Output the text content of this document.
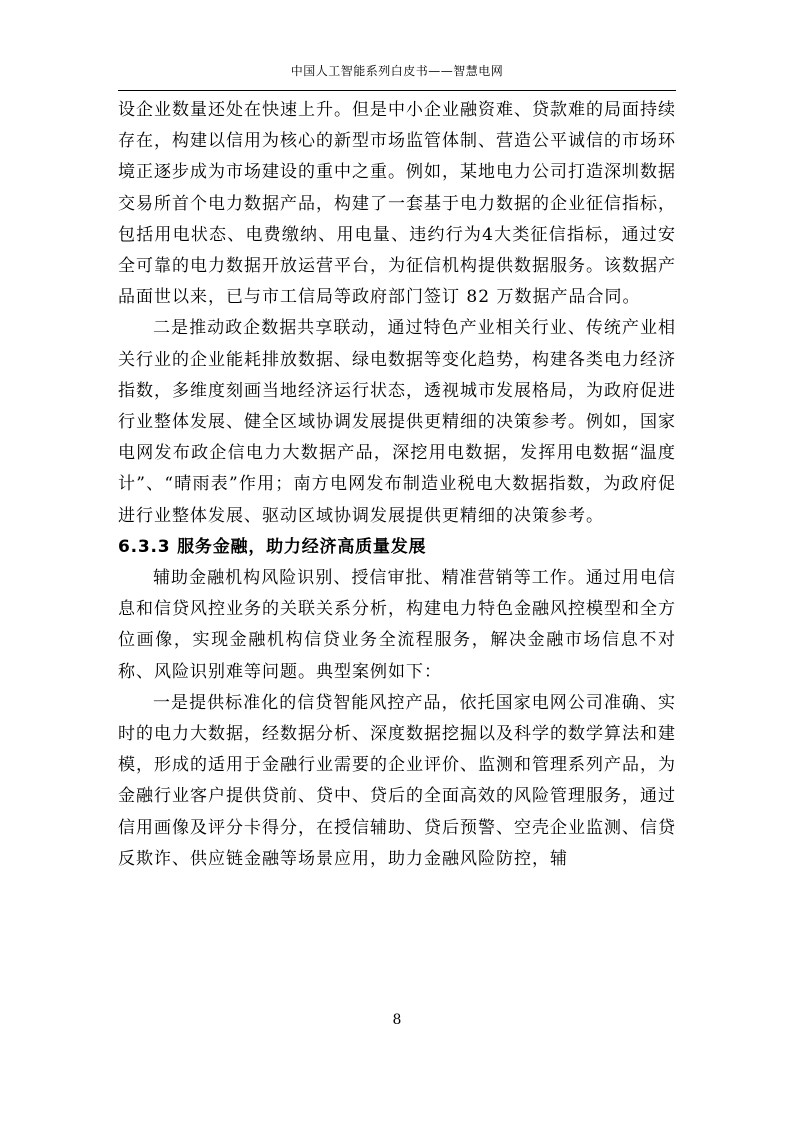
中国人工智能系列白皮书——智慧电网

设企业数量还处在快速上升。但是中小企业融资难、贷款难的局面持续存在，构建以信用为核心的新型市场监管体制、营造公平诚信的市场环境正逐步成为市场建设的重中之重。例如，某地电力公司打造深圳数据交易所首个电力数据产品，构建了一套基于电力数据的企业征信指标，包括用电状态、电费缴纳、用电量、违约行为4大类征信指标，通过安全可靠的电力数据开放运营平台，为征信机构提供数据服务。该数据产品面世以来，已与市工信局等政府部门签订 82 万数据产品合同。

二是推动政企数据共享联动，通过特色产业相关行业、传统产业相关行业的企业能耗排放数据、绿电数据等变化趋势，构建各类电力经济指数，多维度刻画当地经济运行状态，透视城市发展格局，为政府促进行业整体发展、健全区域协调发展提供更精细的决策参考。例如，国家电网发布政企信电力大数据产品，深挖用电数据，发挥用电数据“温度计”、“晴雨表”作用；南方电网发布制造业税电大数据指数，为政府促进行业整体发展、驱动区域协调发展提供更精细的决策参考。

6.3.3 服务金融，助力经济高质量发展

辅助金融机构风险识别、授信审批、精准营销等工作。通过用电信息和信贷风控业务的关联关系分析，构建电力特色金融风控模型和全方位画像，实现金融机构信贷业务全流程服务，解决金融市场信息不对称、风险识别难等问题。典型案例如下：

一是提供标准化的信贷智能风控产品，依托国家电网公司准确、实时的电力大数据，经数据分析、深度数据挖掘以及科学的数学算法和建模，形成的适用于金融行业需要的企业评价、监测和管理系列产品，为金融行业客户提供贷前、贷中、贷后的全面高效的风险管理服务，通过信用画像及评分卡得分，在授信辅助、贷后预警、空壳企业监测、信贷反欺诈、供应链金融等场景应用，助力金融风险防控，辅

8
